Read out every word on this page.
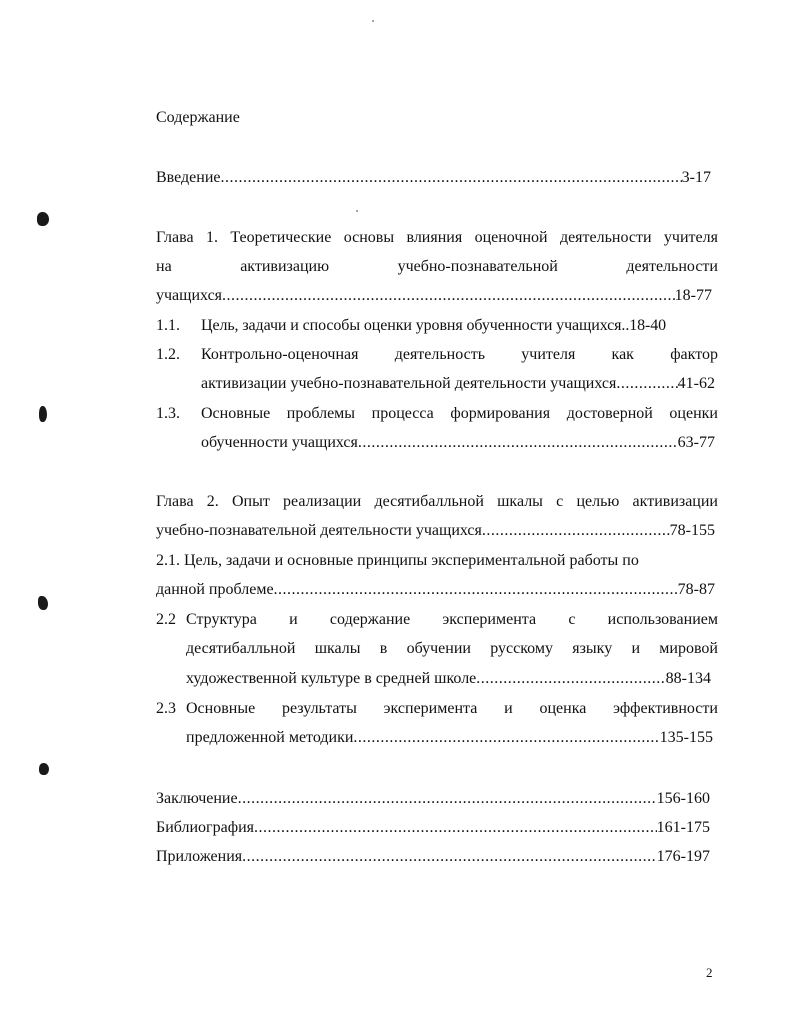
Содержание
Введение .....	3-17
Глава 1. Теоретические основы влияния оценочной деятельности учителя
на	активизацию	учебно-познавательной	деятельности
учащихся .....	18-77
1.1. Цель, задачи и способы оценки уровня обученности учащихся..18-40
1.2. Контрольно-оценочная деятельность учителя как фактор
активизации учебно-познавательной деятельности учащихся .....	41-62
1.3. Основные проблемы процесса формирования достоверной оценки
обученности учащихся .....	63-77
Глава 2. Опыт реализации десятибалльной шкалы с целью активизации
учебно-познавательной деятельности учащихся .....	78-155
2.1. Цель, задачи и основные принципы экспериментальной работы по
данной проблеме .....	78-87
2.2 Структура и содержание эксперимента с использованием
десятибалльной шкалы в обучении русскому языку и мировой
художественной культуре в средней школе .....	88-134
2.3 Основные результаты эксперимента и оценка эффективности
предложенной методики .....	135-155
Заключение .....	156-160
Библиография .....	161-175
Приложения .....	176-197
2
